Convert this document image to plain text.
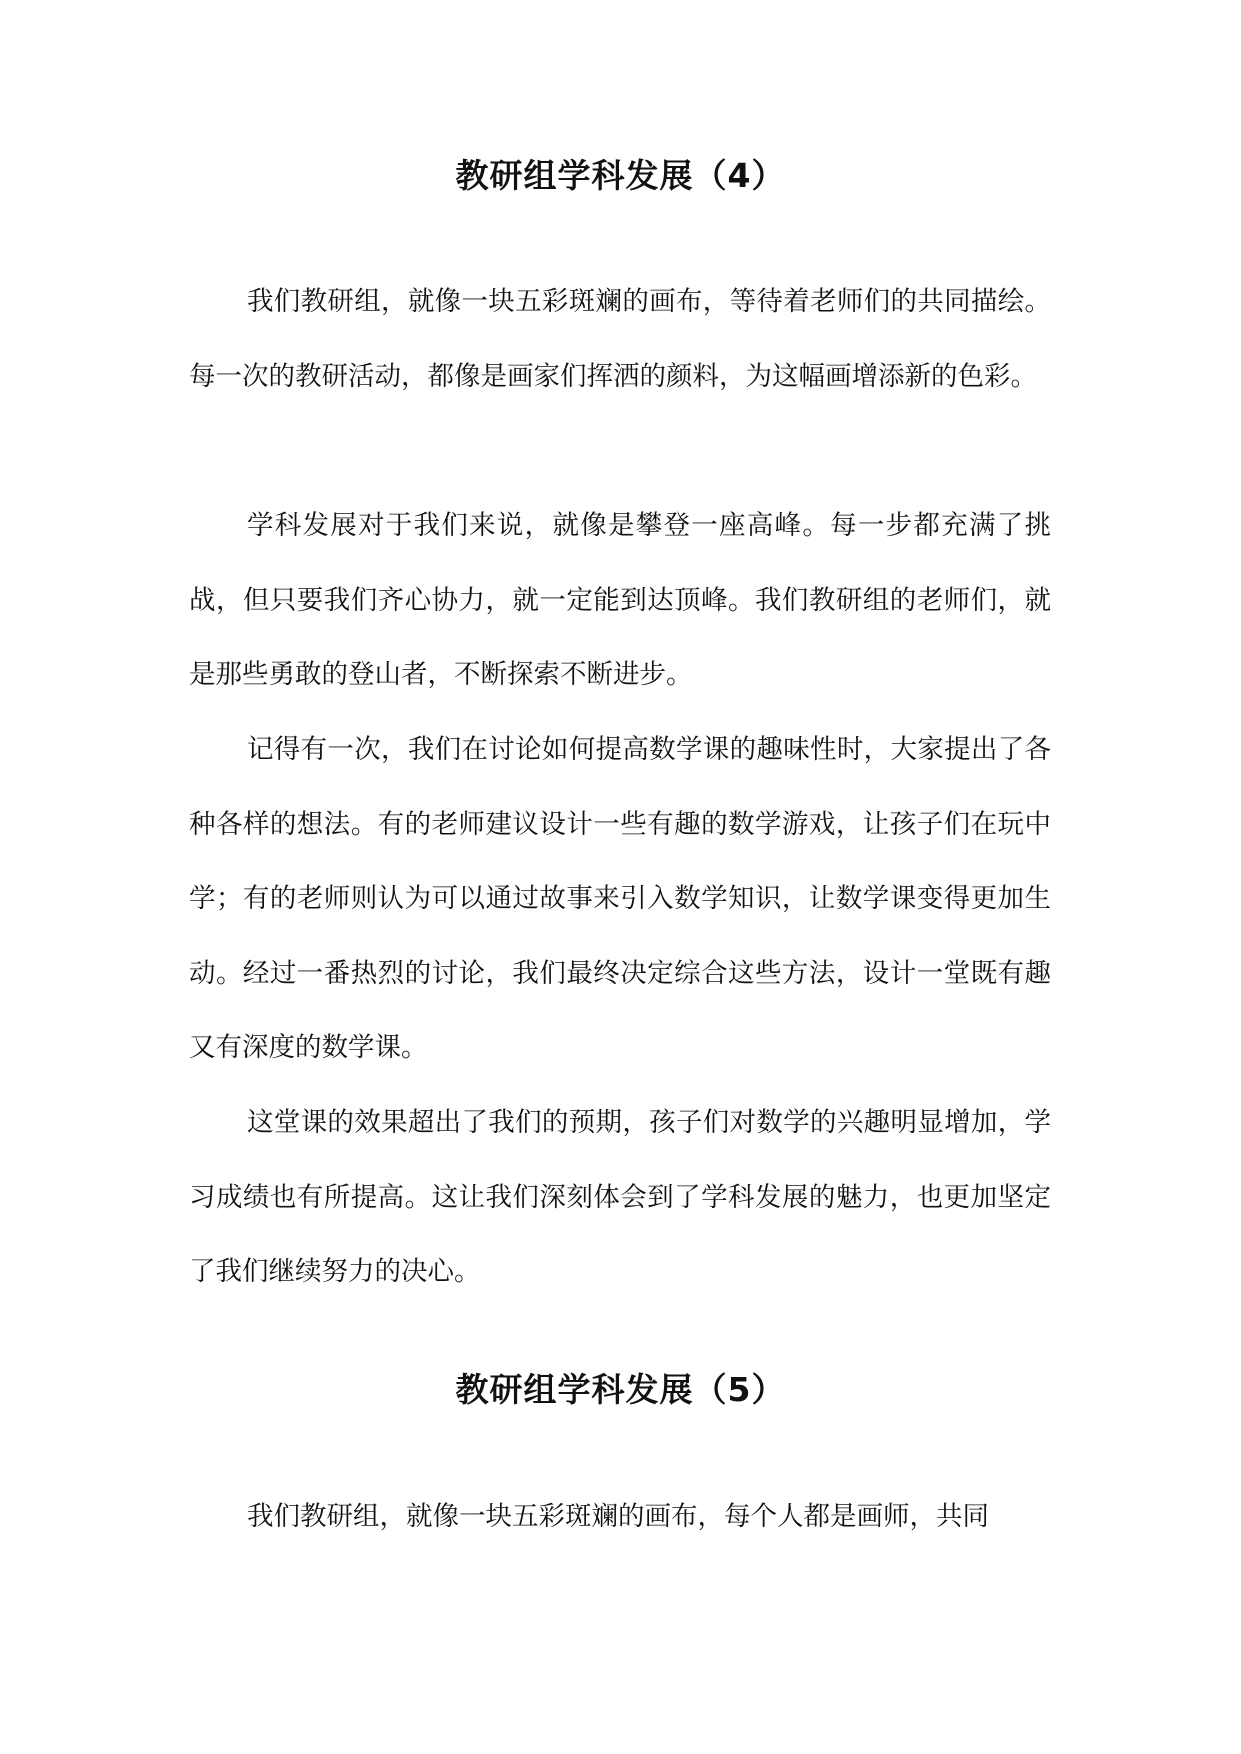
教研组学科发展（4）

我们教研组，就像一块五彩斑斓的画布，等待着老师们的共同描绘。每一次的教研活动，都像是画家们挥洒的颜料，为这幅画增添新的色彩。

学科发展对于我们来说，就像是攀登一座高峰。每一步都充满了挑战，但只要我们齐心协力，就一定能到达顶峰。我们教研组的老师们，就是那些勇敢的登山者，不断探索不断进步。

记得有一次，我们在讨论如何提高数学课的趣味性时，大家提出了各种各样的想法。有的老师建议设计一些有趣的数学游戏，让孩子们在玩中学；有的老师则认为可以通过故事来引入数学知识，让数学课变得更加生动。经过一番热烈的讨论，我们最终决定综合这些方法，设计一堂既有趣又有深度的数学课。

这堂课的效果超出了我们的预期，孩子们对数学的兴趣明显增加，学习成绩也有所提高。这让我们深刻体会到了学科发展的魅力，也更加坚定了我们继续努力的决心。

教研组学科发展（5）

我们教研组，就像一块五彩斑斓的画布，每个人都是画师，共同
